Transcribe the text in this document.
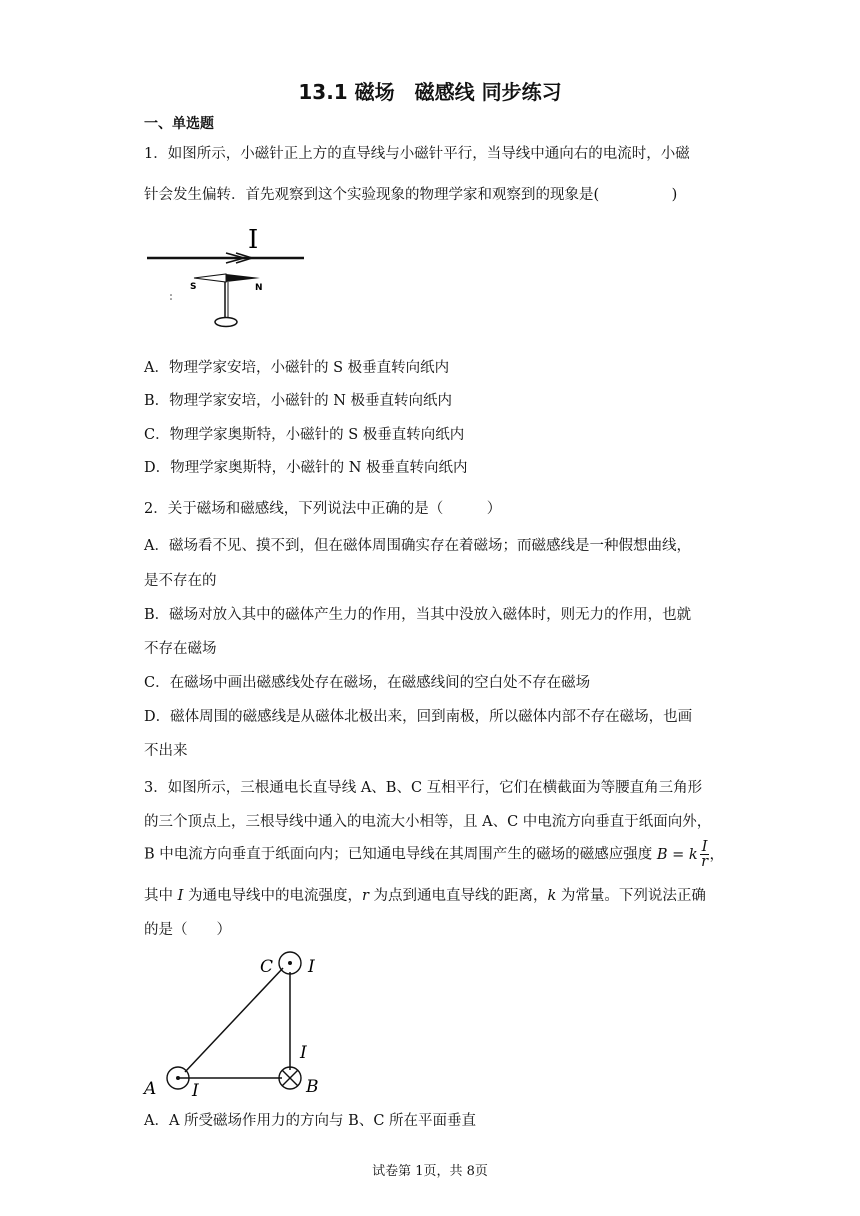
13.1 磁场　磁感线 同步练习
一、单选题
1．如图所示，小磁针正上方的直导线与小磁针平行，当导线中通向右的电流时，小磁
针会发生偏转．首先观察到这个实验现象的物理学家和观察到的现象是(　　　　　)
I
S	N
A．物理学家安培，小磁针的 S 极垂直转向纸内
B．物理学家安培，小磁针的 N 极垂直转向纸内
C．物理学家奥斯特，小磁针的 S 极垂直转向纸内
D．物理学家奥斯特，小磁针的 N 极垂直转向纸内
2．关于磁场和磁感线，下列说法中正确的是（　　　）
A．磁场看不见、摸不到，但在磁体周围确实存在着磁场；而磁感线是一种假想曲线，
是不存在的
B．磁场对放入其中的磁体产生力的作用，当其中没放入磁体时，则无力的作用，也就
不存在磁场
C．在磁场中画出磁感线处存在磁场，在磁感线间的空白处不存在磁场
D．磁体周围的磁感线是从磁体北极出来，回到南极，所以磁体内部不存在磁场，也画
不出来
3．如图所示，三根通电长直导线 A、B、C 互相平行，它们在横截面为等腰直角三角形
的三个顶点上，三根导线中通入的电流大小相等，且 A、C 中电流方向垂直于纸面向外，
B 中电流方向垂直于纸面向内；已知通电导线在其周围产生的磁场的磁感应强度 B = k $\frac{I}{r}$ ，
其中 I 为通电导线中的电流强度，r 为点到通电直导线的距离，k 为常量。下列说法正确
的是（　　）
C I
A I	B
I
A．A 所受磁场作用力的方向与 B、C 所在平面垂直
试卷第 1页，共 8页
